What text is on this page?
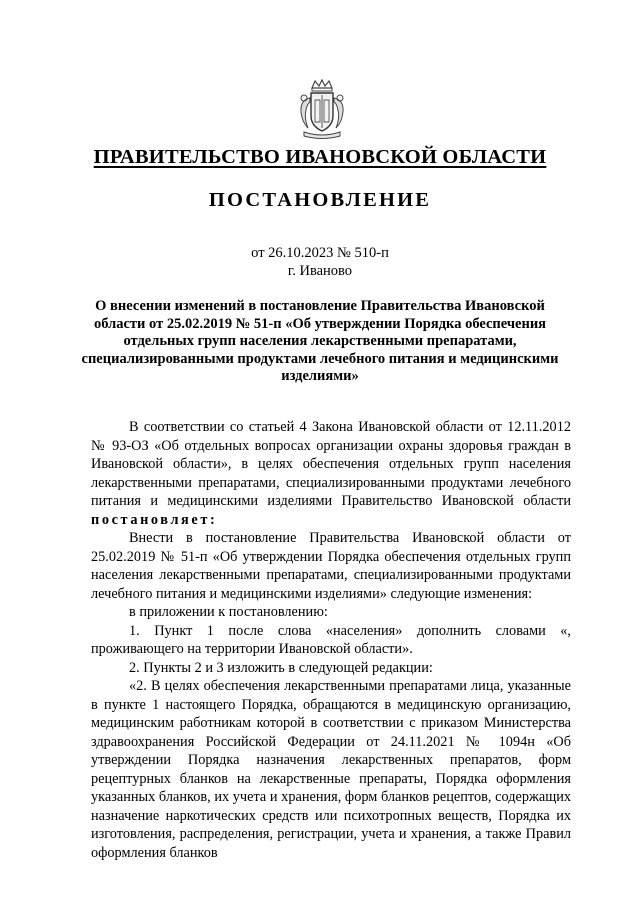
ПРАВИТЕЛЬСТВО ИВАНОВСКОЙ ОБЛАСТИ
ПОСТАНОВЛЕНИЕ
от 26.10.2023 № 510-п
г. Иваново
О внесении изменений в постановление Правительства Ивановской области от 25.02.2019 № 51-п «Об утверждении Порядка обеспечения отдельных групп населения лекарственными препаратами, специализированными продуктами лечебного питания и медицинскими изделиями»

В соответствии со статьей 4 Закона Ивановской области от 12.11.2012 № 93-ОЗ «Об отдельных вопросах организации охраны здоровья граждан в Ивановской области», в целях обеспечения отдельных групп населения лекарственными препаратами, специализированными продуктами лечебного питания и медицинскими изделиями Правительство Ивановской области постановляет:

Внести в постановление Правительства Ивановской области от 25.02.2019 № 51-п «Об утверждении Порядка обеспечения отдельных групп населения лекарственными препаратами, специализированными продуктами лечебного питания и медицинскими изделиями» следующие изменения:

в приложении к постановлению:

1. Пункт 1 после слова «населения» дополнить словами «, проживающего на территории Ивановской области».

2. Пункты 2 и 3 изложить в следующей редакции:

«2. В целях обеспечения лекарственными препаратами лица, указанные в пункте 1 настоящего Порядка, обращаются в медицинскую организацию, медицинским работникам которой в соответствии с приказом Министерства здравоохранения Российской Федерации от 24.11.2021 № 1094н «Об утверждении Порядка назначения лекарственных препаратов, форм рецептурных бланков на лекарственные препараты, Порядка оформления указанных бланков, их учета и хранения, форм бланков рецептов, содержащих назначение наркотических средств или психотропных веществ, Порядка их изготовления, распределения, регистрации, учета и хранения, а также Правил оформления бланков
